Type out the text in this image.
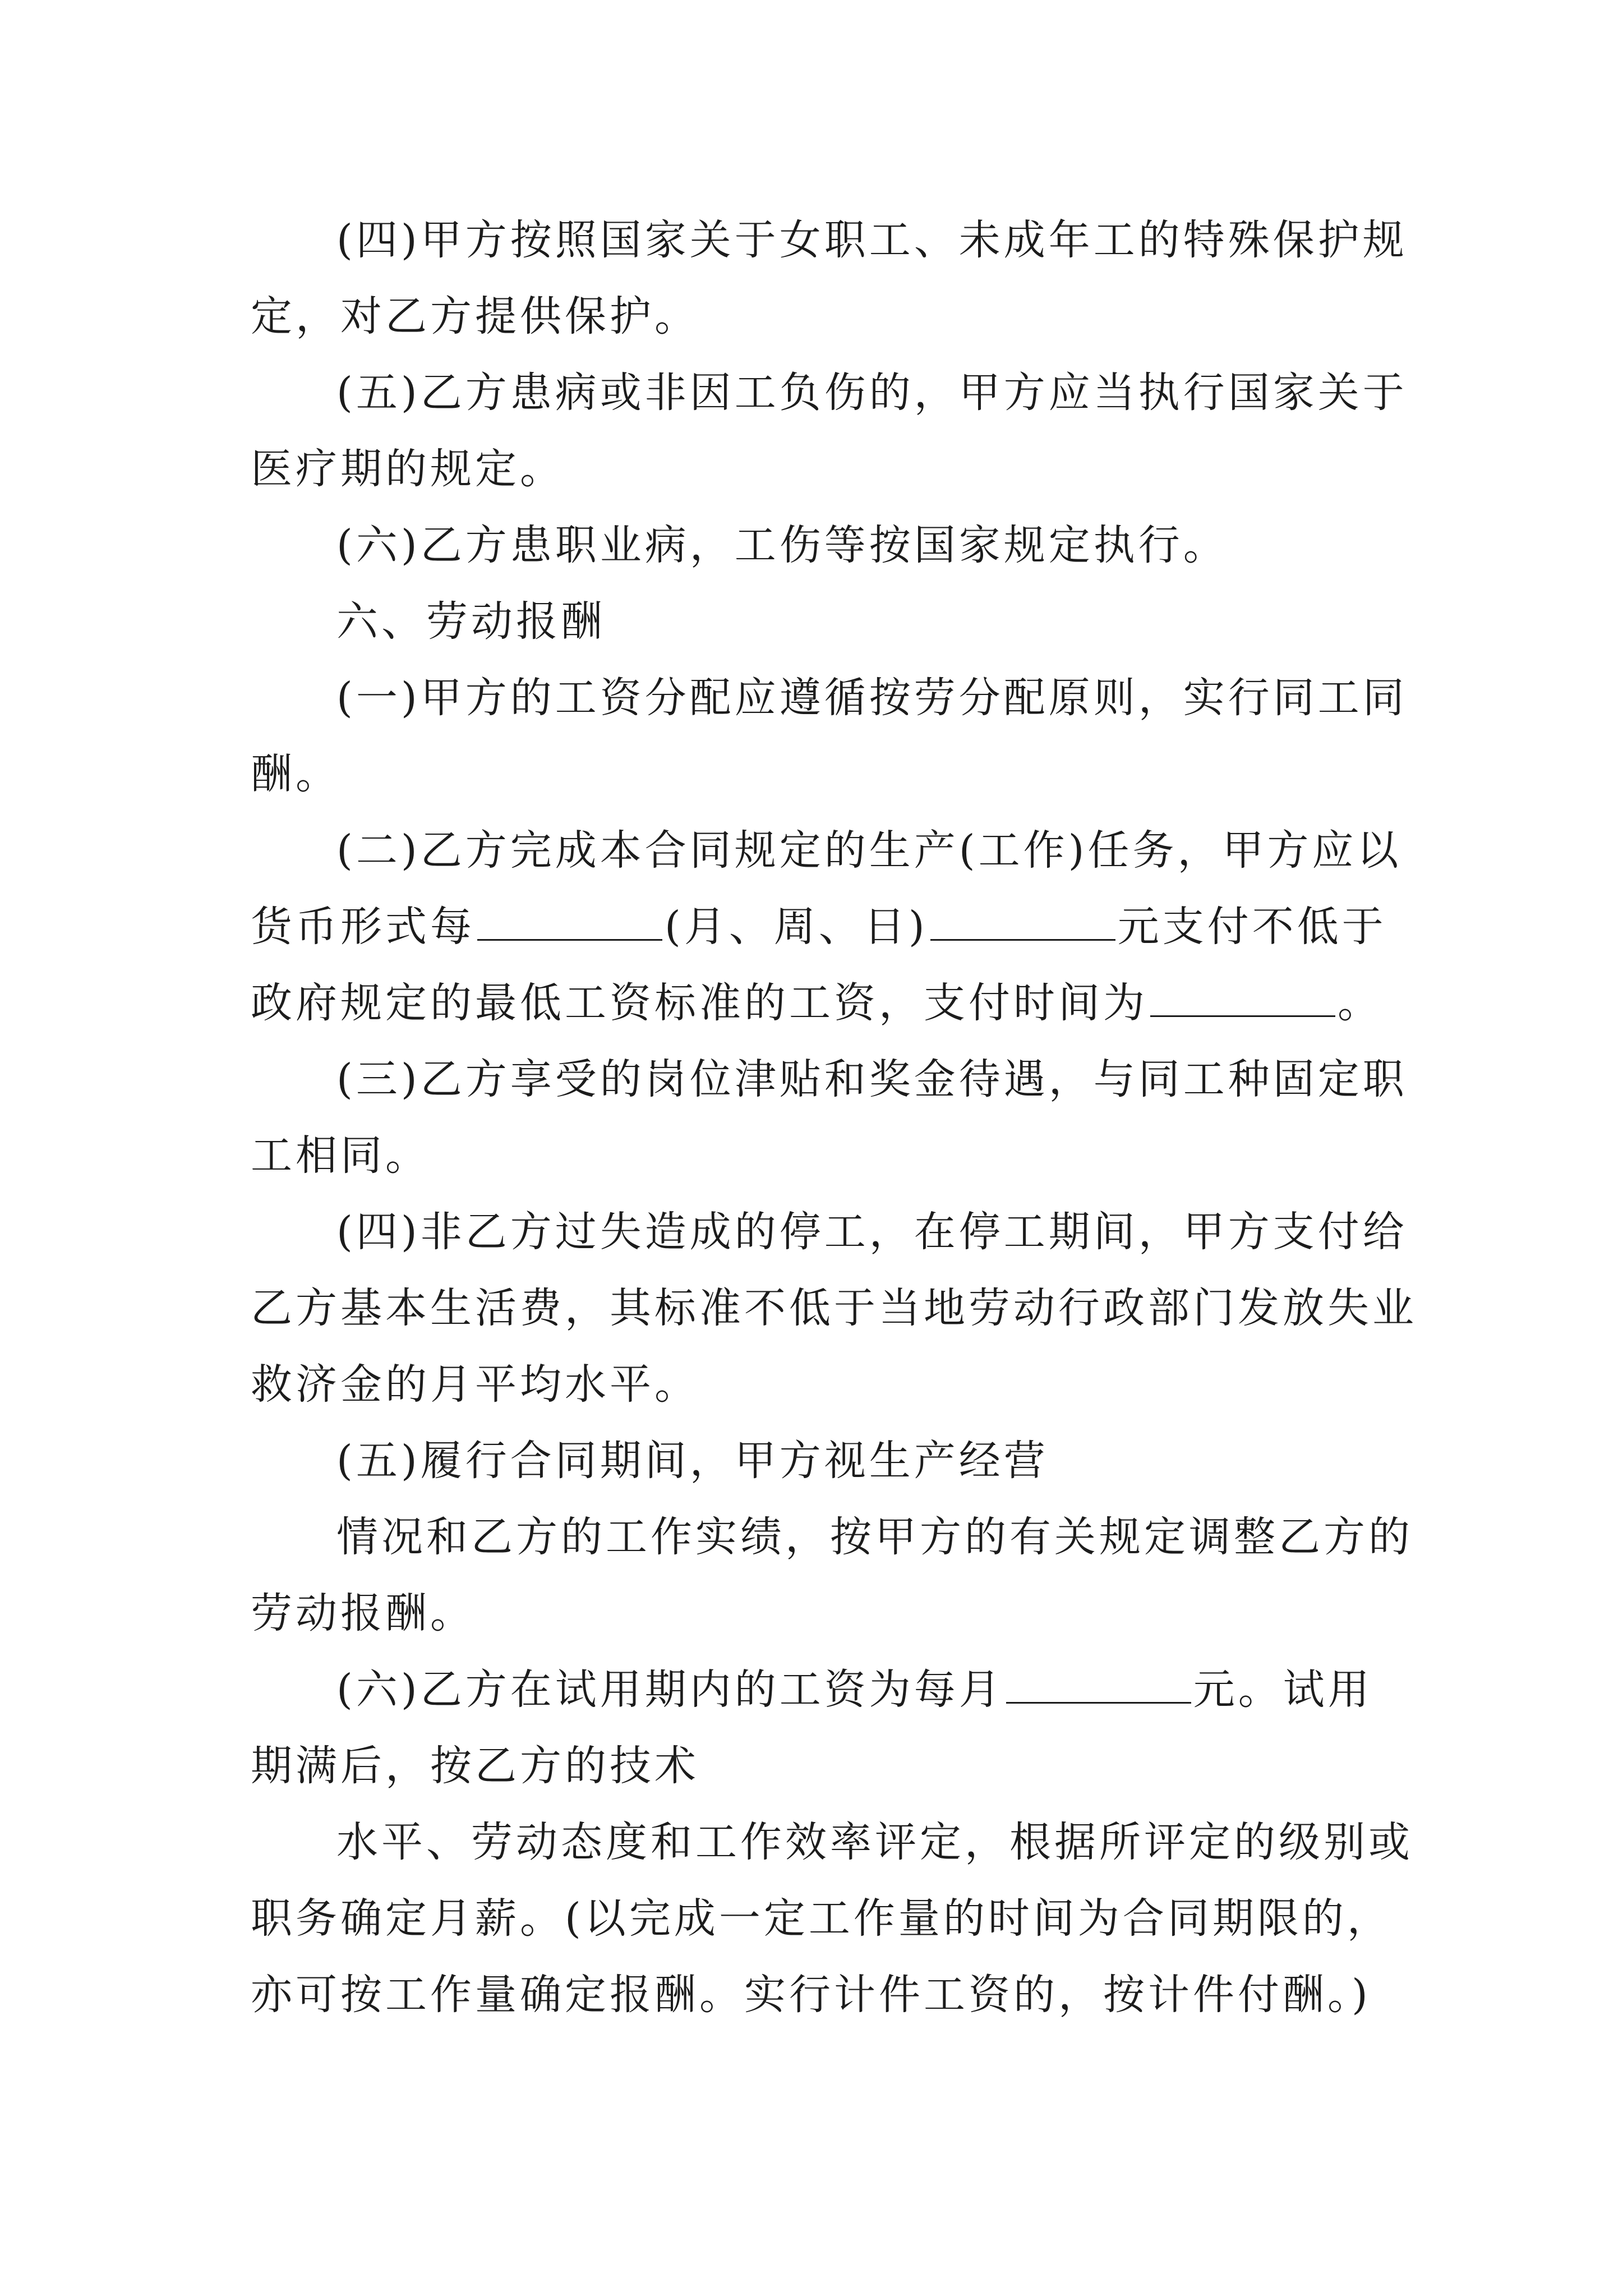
(四)甲方按照国家关于女职工、未成年工的特殊保护规

定，对乙方提供保护。

(五)乙方患病或非因工负伤的，甲方应当执行国家关于

医疗期的规定。

(六)乙方患职业病，工伤等按国家规定执行。

六、劳动报酬

(一)甲方的工资分配应遵循按劳分配原则，实行同工同

酬。

(二)乙方完成本合同规定的生产(工作)任务，甲方应以

货币形式每	(月、周、日)	元支付不低于

政府规定的最低工资标准的工资，支付时间为	。

(三)乙方享受的岗位津贴和奖金待遇，与同工种固定职

工相同。

(四)非乙方过失造成的停工，在停工期间，甲方支付给

乙方基本生活费，其标准不低于当地劳动行政部门发放失业

救济金的月平均水平。

(五)履行合同期间，甲方视生产经营

情况和乙方的工作实绩，按甲方的有关规定调整乙方的

劳动报酬。

(六)乙方在试用期内的工资为每月	元。试用

期满后，按乙方的技术

水平、劳动态度和工作效率评定，根据所评定的级别或

职务确定月薪。(以完成一定工作量的时间为合同期限的，

亦可按工作量确定报酬。实行计件工资的，按计件付酬。)
